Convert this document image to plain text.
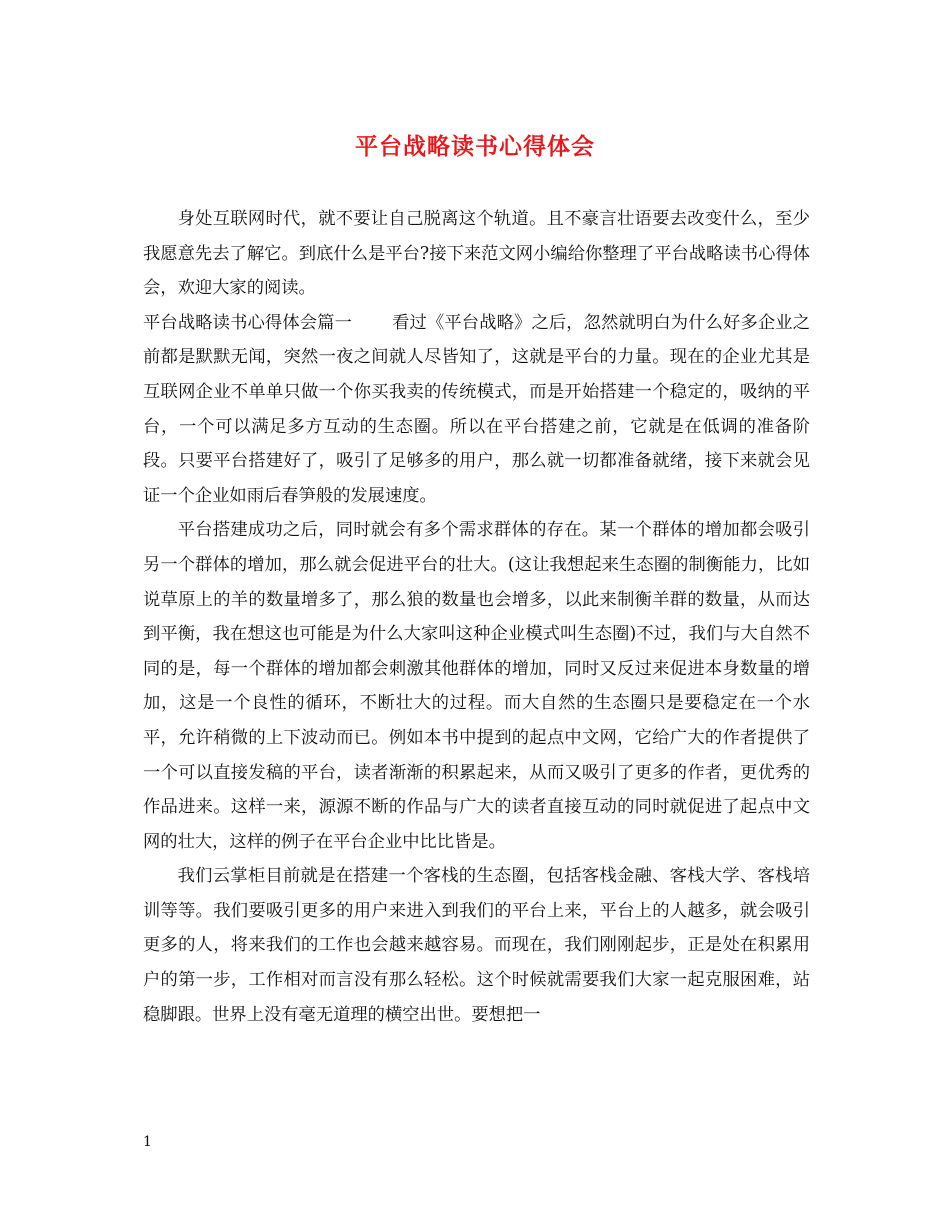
平台战略读书心得体会

身处互联网时代，就不要让自己脱离这个轨道。且不豪言壮语要去改变什么，至少我愿意先去了解它。到底什么是平台?接下来范文网小编给你整理了平台战略读书心得体会，欢迎大家的阅读。

平台战略读书心得体会篇一 看过《平台战略》之后，忽然就明白为什么好多企业之前都是默默无闻，突然一夜之间就人尽皆知了，这就是平台的力量。现在的企业尤其是互联网企业不单单只做一个你买我卖的传统模式，而是开始搭建一个稳定的，吸纳的平台，一个可以满足多方互动的生态圈。所以在平台搭建之前，它就是在低调的准备阶段。只要平台搭建好了，吸引了足够多的用户，那么就一切都准备就绪，接下来就会见证一个企业如雨后春笋般的发展速度。

平台搭建成功之后，同时就会有多个需求群体的存在。某一个群体的增加都会吸引另一个群体的增加，那么就会促进平台的壮大。(这让我想起来生态圈的制衡能力，比如说草原上的羊的数量增多了，那么狼的数量也会增多，以此来制衡羊群的数量，从而达到平衡，我在想这也可能是为什么大家叫这种企业模式叫生态圈)不过，我们与大自然不同的是，每一个群体的增加都会刺激其他群体的增加，同时又反过来促进本身数量的增加，这是一个良性的循环，不断壮大的过程。而大自然的生态圈只是要稳定在一个水平，允许稍微的上下波动而已。例如本书中提到的起点中文网，它给广大的作者提供了一个可以直接发稿的平台，读者渐渐的积累起来，从而又吸引了更多的作者，更优秀的作品进来。这样一来，源源不断的作品与广大的读者直接互动的同时就促进了起点中文网的壮大，这样的例子在平台企业中比比皆是。

我们云掌柜目前就是在搭建一个客栈的生态圈，包括客栈金融、客栈大学、客栈培训等等。我们要吸引更多的用户来进入到我们的平台上来，平台上的人越多，就会吸引更多的人，将来我们的工作也会越来越容易。而现在，我们刚刚起步，正是处在积累用户的第一步，工作相对而言没有那么轻松。这个时候就需要我们大家一起克服困难，站稳脚跟。世界上没有毫无道理的横空出世。要想把一

1
